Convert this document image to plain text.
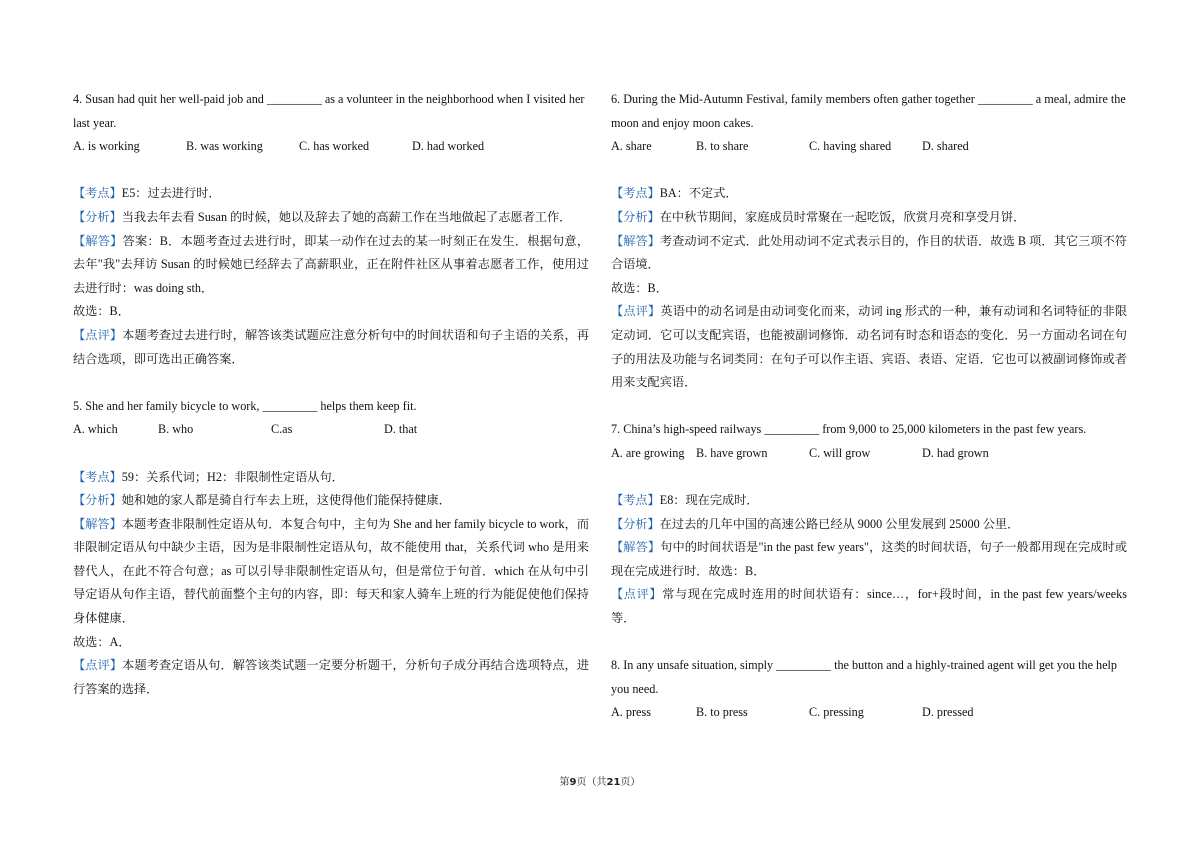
4. Susan had quit her well-paid job and _________ as a volunteer in the neighborhood when I visited her last year.

A. is working	B. was working	C. has worked	D. had worked

【考点】E5：过去进行时．

【分析】当我去年去看 Susan 的时候，她以及辞去了她的高薪工作在当地做起了志愿者工作．

【解答】答案：B．本题考查过去进行时，即某一动作在过去的某一时刻正在发生．根据句意，去年"我"去拜访 Susan 的时候她已经辞去了高薪职业，正在附件社区从事着志愿者工作，使用过去进行时：was doing sth．

故选：B．

【点评】本题考查过去进行时，解答该类试题应注意分析句中的时间状语和句子主语的关系，再结合选项，即可选出正确答案．

5. She and her family bicycle to work, _________ helps them keep fit.

A. which	B. who	C.as	D. that

【考点】59：关系代词；H2：非限制性定语从句．

【分析】她和她的家人都是骑自行车去上班，这使得他们能保持健康．

【解答】本题考查非限制性定语从句．本复合句中，主句为 She and her family bicycle to work，而非限制定语从句中缺少主语，因为是非限制性定语从句，故不能使用 that，关系代词 who 是用来替代人，在此不符合句意；as 可以引导非限制性定语从句，但是常位于句首．which 在从句中引导定语从句作主语，替代前面整个主句的内容，即：每天和家人骑车上班的行为能促使他们保持身体健康．

故选：A．

【点评】本题考查定语从句．解答该类试题一定要分析题干，分析句子成分再结合选项特点，进行答案的选择．

6. During the Mid-Autumn Festival, family members often gather together _________ a meal, admire the moon and enjoy moon cakes.

A. share	B. to share	C. having shared	D. shared

【考点】BA：不定式．

【分析】在中秋节期间，家庭成员时常聚在一起吃饭，欣赏月亮和享受月饼．

【解答】考查动词不定式．此处用动词不定式表示目的，作目的状语．故选 B 项．其它三项不符合语境．

故选：B．

【点评】英语中的动名词是由动词变化而来，动词 ing 形式的一种，兼有动词和名词特征的非限定动词．它可以支配宾语，也能被副词修饰．动名词有时态和语态的变化．另一方面动名词在句子的用法及功能与名词类同：在句子可以作主语、宾语、表语、定语．它也可以被副词修饰或者用来支配宾语．

7. China’s high-speed railways _________ from 9,000 to 25,000 kilometers in the past few years.

A. are growing B. have grown	C. will grow	D. had grown

【考点】E8：现在完成时．

【分析】在过去的几年中国的高速公路已经从 9000 公里发展到 25000 公里．

【解答】句中的时间状语是"in the past few years"，这类的时间状语，句子一般都用现在完成时或现在完成进行时．故选：B．

【点评】常与现在完成时连用的时间状语有：since…，for+段时间，in the past few years/weeks 等．

8. In any unsafe situation, simply _________ the button and a highly-trained agent will get you the help you need.

A. press	B. to press	C. pressing	D. pressed
第9页（共21页）
